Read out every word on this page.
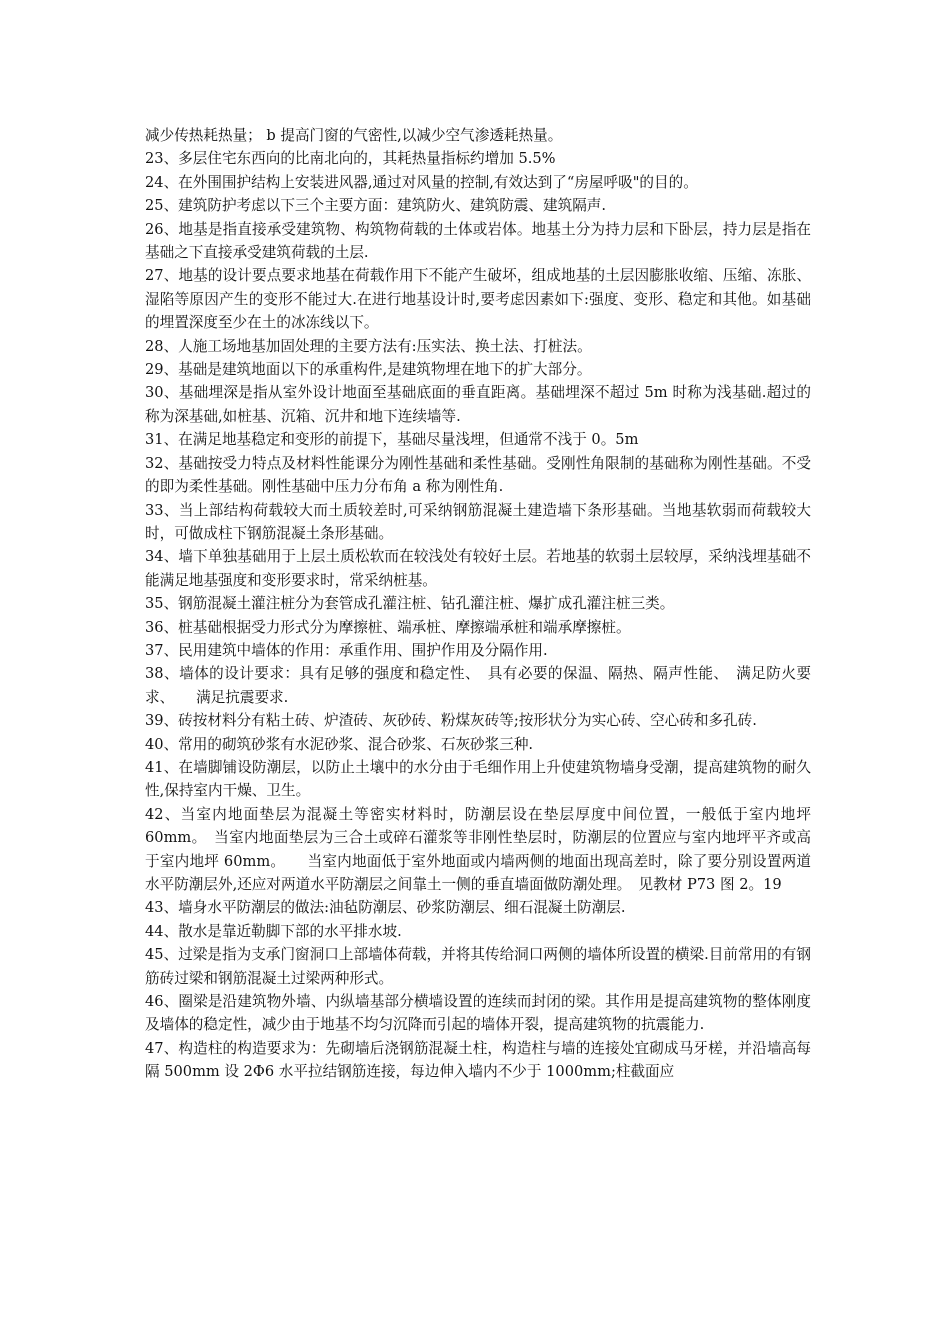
减少传热耗热量； b 提高门窗的气密性,以减少空气渗透耗热量。

23、多层住宅东西向的比南北向的，其耗热量指标约增加 5.5%

24、在外围围护结构上安装进风器,通过对风量的控制,有效达到了“房屋呼吸"的目的。

25、建筑防护考虑以下三个主要方面：建筑防火、建筑防震、建筑隔声.

26、地基是指直接承受建筑物、构筑物荷载的土体或岩体。地基土分为持力层和下卧层，持力层是指在基础之下直接承受建筑荷载的土层.

27、地基的设计要点要求地基在荷载作用下不能产生破坏，组成地基的土层因膨胀收缩、压缩、冻胀、湿陷等原因产生的变形不能过大.在进行地基设计时,要考虑因素如下:强度、变形、稳定和其他。如基础的埋置深度至少在土的冰冻线以下。

28、人施工场地基加固处理的主要方法有:压实法、换土法、打桩法。

29、基础是建筑地面以下的承重构件,是建筑物埋在地下的扩大部分。

30、基础埋深是指从室外设计地面至基础底面的垂直距离。基础埋深不超过 5m 时称为浅基础.超过的称为深基础,如桩基、沉箱、沉井和地下连续墙等.

31、在满足地基稳定和变形的前提下，基础尽量浅埋，但通常不浅于 0。5m

32、基础按受力特点及材料性能课分为刚性基础和柔性基础。受刚性角限制的基础称为刚性基础。不受的即为柔性基础。刚性基础中压力分布角 a 称为刚性角.

33、当上部结构荷载较大而土质较差时,可采纳钢筋混凝土建造墙下条形基础。当地基软弱而荷载较大时，可做成柱下钢筋混凝土条形基础。

34、墙下单独基础用于上层土质松软而在较浅处有较好土层。若地基的软弱土层较厚，采纳浅埋基础不能满足地基强度和变形要求时，常采纳桩基。

35、钢筋混凝土灌注桩分为套管成孔灌注桩、钻孔灌注桩、爆扩成孔灌注桩三类。

36、桩基础根据受力形式分为摩擦桩、端承桩、摩擦端承桩和端承摩擦桩。

37、民用建筑中墙体的作用：承重作用、围护作用及分隔作用.

38、墙体的设计要求：具有足够的强度和稳定性、　具有必要的保温、隔热、隔声性能、　满足防火要求、　　满足抗震要求.

39、砖按材料分有粘土砖、炉渣砖、灰砂砖、粉煤灰砖等;按形状分为实心砖、空心砖和多孔砖.

40、常用的砌筑砂浆有水泥砂浆、混合砂浆、石灰砂浆三种.

41、在墙脚铺设防潮层，以防止土壤中的水分由于毛细作用上升使建筑物墙身受潮，提高建筑物的耐久性,保持室内干燥、卫生。

42、当室内地面垫层为混凝土等密实材料时，防潮层设在垫层厚度中间位置，一般低于室内地坪 60mm。　当室内地面垫层为三合土或碎石灌浆等非刚性垫层时，防潮层的位置应与室内地坪平齐或高于室内地坪 60mm。　　当室内地面低于室外地面或内墙两侧的地面出现高差时，除了要分别设置两道水平防潮层外,还应对两道水平防潮层之间靠土一侧的垂直墙面做防潮处理。　见教材 P73 图 2。19

43、墙身水平防潮层的做法:油毡防潮层、砂浆防潮层、细石混凝土防潮层.

44、散水是靠近勒脚下部的水平排水坡.

45、过梁是指为支承门窗洞口上部墙体荷载，并将其传给洞口两侧的墙体所设置的横梁.目前常用的有钢筋砖过梁和钢筋混凝土过梁两种形式。

46、圈梁是沿建筑物外墙、内纵墙基部分横墙设置的连续而封闭的梁。其作用是提高建筑物的整体刚度及墙体的稳定性，减少由于地基不均匀沉降而引起的墙体开裂，提高建筑物的抗震能力.

47、构造柱的构造要求为：先砌墙后浇钢筋混凝土柱，构造柱与墙的连接处宜砌成马牙槎，并沿墙高每隔 500mm 设 2Φ6 水平拉结钢筋连接，每边伸入墙内不少于 1000mm;柱截面应
